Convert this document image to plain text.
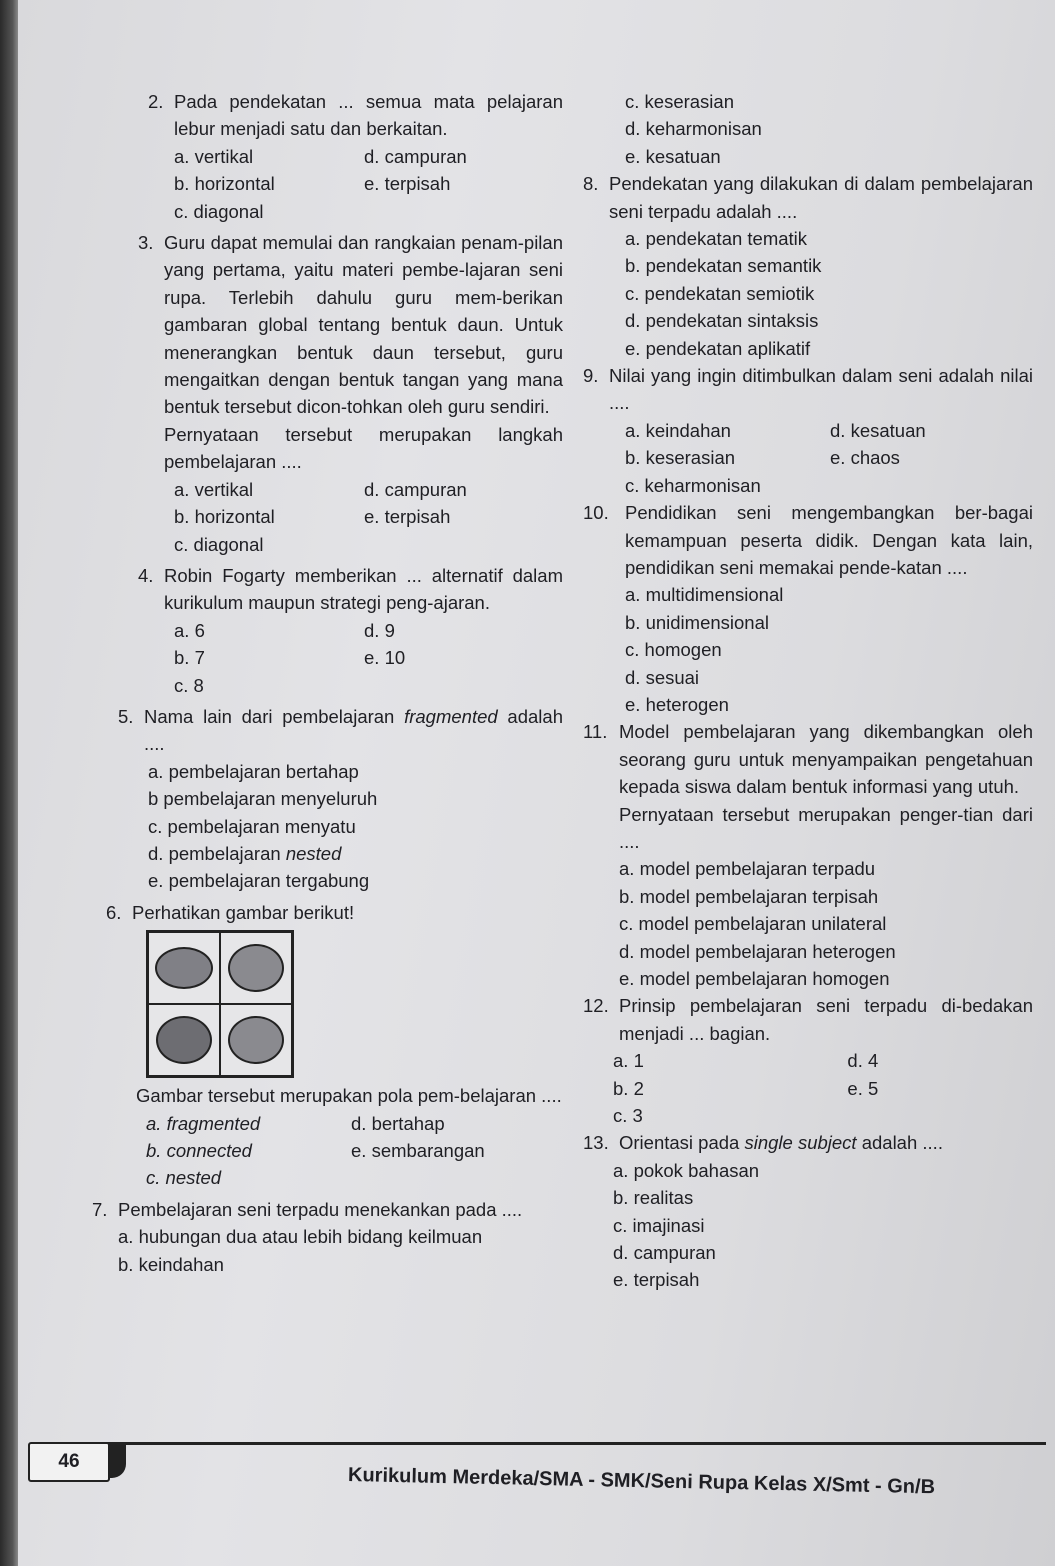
2. Pada pendekatan ... semua mata pelajaran lebur menjadi satu dan berkaitan.
a. vertikal	d. campuran
b. horizontal	e. terpisah
c. diagonal
3. Guru dapat memulai dan rangkaian penam-pilan yang pertama, yaitu materi pembe-lajaran seni rupa. Terlebih dahulu guru mem-berikan gambaran global tentang bentuk daun. Untuk menerangkan bentuk daun tersebut, guru mengaitkan dengan bentuk tangan yang mana bentuk tersebut dicon-tohkan oleh guru sendiri.
Pernyataan tersebut merupakan langkah pembelajaran ....
a. vertikal	d. campuran
b. horizontal	e. terpisah
c. diagonal
4. Robin Fogarty memberikan ... alternatif dalam kurikulum maupun strategi peng-ajaran.
a. 6	d. 9
b. 7	e. 10
c. 8
5. Nama lain dari pembelajaran fragmented adalah ....
a. pembelajaran bertahap
b pembelajaran menyeluruh
c. pembelajaran menyatu
d. pembelajaran nested
e. pembelajaran tergabung
6. Perhatikan gambar berikut!
Gambar tersebut merupakan pola pem-belajaran ....
a. fragmented	d. bertahap
b. connected	e. sembarangan
c. nested
7. Pembelajaran seni terpadu menekankan pada ....
a. hubungan dua atau lebih bidang keilmuan
b. keindahan
c. keserasian
d. keharmonisan
e. kesatuan
8. Pendekatan yang dilakukan di dalam pembelajaran seni terpadu adalah ....
a. pendekatan tematik
b. pendekatan semantik
c. pendekatan semiotik
d. pendekatan sintaksis
e. pendekatan aplikatif
9. Nilai yang ingin ditimbulkan dalam seni adalah nilai ....
a. keindahan	d. kesatuan
b. keserasian	e. chaos
c. keharmonisan
10. Pendidikan seni mengembangkan ber-bagai kemampuan peserta didik. Dengan kata lain, pendidikan seni memakai pende-katan ....
a. multidimensional
b. unidimensional
c. homogen
d. sesuai
e. heterogen
11. Model pembelajaran yang dikembangkan oleh seorang guru untuk menyampaikan pengetahuan kepada siswa dalam bentuk informasi yang utuh.
Pernyataan tersebut merupakan penger-tian dari ....
a. model pembelajaran terpadu
b. model pembelajaran terpisah
c. model pembelajaran unilateral
d. model pembelajaran heterogen
e. model pembelajaran homogen
12. Prinsip pembelajaran seni terpadu di-bedakan menjadi ... bagian.
a. 1	d. 4
b. 2	e. 5
c. 3
13. Orientasi pada single subject adalah ....
a. pokok bahasan
b. realitas
c. imajinasi
d. campuran
e. terpisah
46
Kurikulum Merdeka/SMA - SMK/Seni Rupa Kelas X/Smt - Gn/B
